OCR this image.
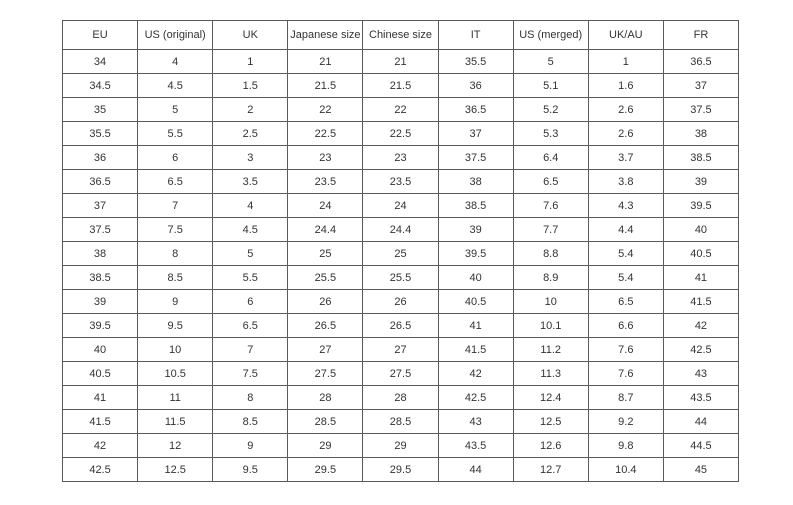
EU	US (original)	UK	Japanese size	Chinese size	IT	US (merged)	UK/AU	FR
34	4	1	21	21	35.5	5	1	36.5
34.5	4.5	1.5	21.5	21.5	36	5.1	1.6	37
35	5	2	22	22	36.5	5.2	2.6	37.5
35.5	5.5	2.5	22.5	22.5	37	5.3	2.6	38
36	6	3	23	23	37.5	6.4	3.7	38.5
36.5	6.5	3.5	23.5	23.5	38	6.5	3.8	39
37	7	4	24	24	38.5	7.6	4.3	39.5
37.5	7.5	4.5	24.4	24.4	39	7.7	4.4	40
38	8	5	25	25	39.5	8.8	5.4	40.5
38.5	8.5	5.5	25.5	25.5	40	8.9	5.4	41
39	9	6	26	26	40.5	10	6.5	41.5
39.5	9.5	6.5	26.5	26.5	41	10.1	6.6	42
40	10	7	27	27	41.5	11.2	7.6	42.5
40.5	10.5	7.5	27.5	27.5	42	11.3	7.6	43
41	11	8	28	28	42.5	12.4	8.7	43.5
41.5	11.5	8.5	28.5	28.5	43	12.5	9.2	44
42	12	9	29	29	43.5	12.6	9.8	44.5
42.5	12.5	9.5	29.5	29.5	44	12.7	10.4	45
